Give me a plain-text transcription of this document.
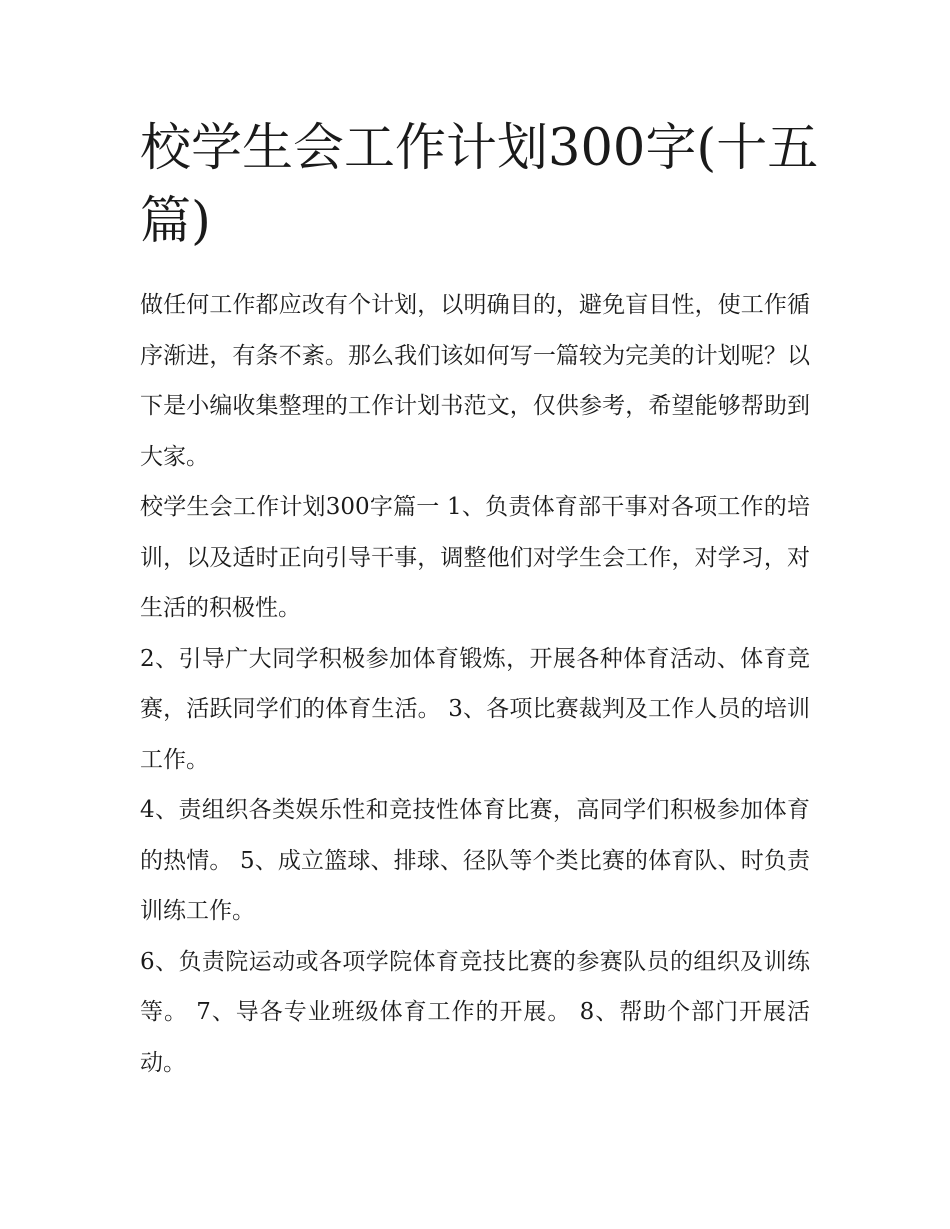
校学生会工作计划300字(十五篇)

做任何工作都应改有个计划，以明确目的，避免盲目性，使工作循序渐进，有条不紊。那么我们该如何写一篇较为完美的计划呢？以下是小编收集整理的工作计划书范文，仅供参考，希望能够帮助到大家。

校学生会工作计划300字篇一 1、负责体育部干事对各项工作的培训，以及适时正向引导干事，调整他们对学生会工作，对学习，对生活的积极性。

2、引导广大同学积极参加体育锻炼，开展各种体育活动、体育竞赛，活跃同学们的体育生活。 3、各项比赛裁判及工作人员的培训工作。

4、责组织各类娱乐性和竞技性体育比赛，高同学们积极参加体育的热情。 5、成立篮球、排球、径队等个类比赛的体育队、时负责训练工作。

6、负责院运动或各项学院体育竞技比赛的参赛队员的组织及训练等。 7、导各专业班级体育工作的开展。 8、帮助个部门开展活动。
